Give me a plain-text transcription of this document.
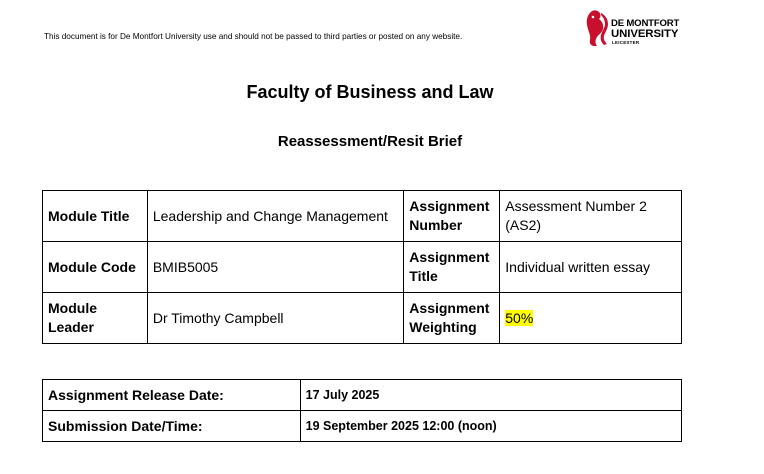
This document is for De Montfort University use and should not be passed to third parties or posted on any website.
DE MONTFORT
UNIVERSITY
LEICESTER
Faculty of Business and Law
Reassessment/Resit Brief
Module Title	Leadership and Change Management	Assignment Number	Assessment Number 2 (AS2)
Module Code	BMIB5005	Assignment Title	Individual written essay
Module Leader	Dr Timothy Campbell	Assignment Weighting	50%
Assignment Release Date:	17 July 2025
Submission Date/Time:	19 September 2025 12:00 (noon)
